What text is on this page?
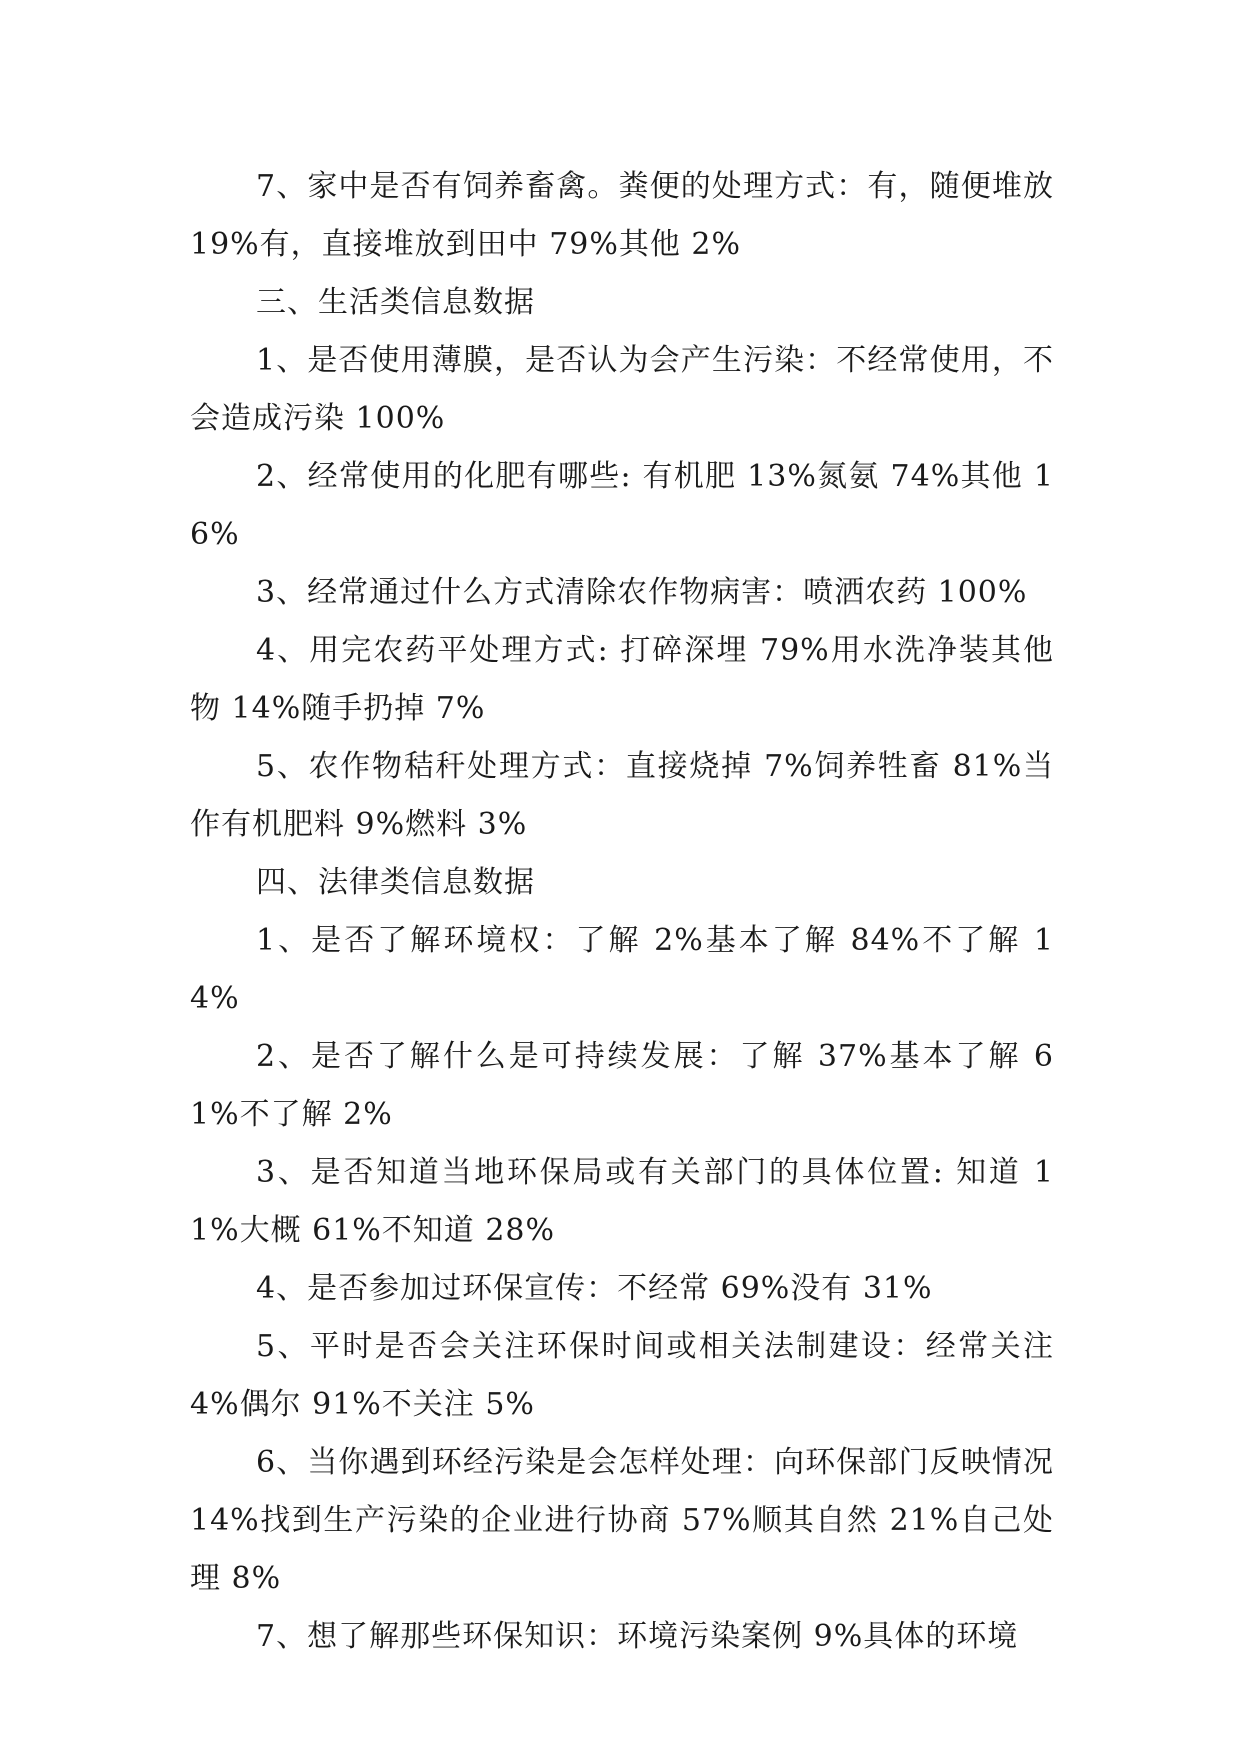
7、家中是否有饲养畜禽。粪便的处理方式：有，随便堆放 19%有，直接堆放到田中 79%其他 2%

三、生活类信息数据

1、是否使用薄膜，是否认为会产生污染：不经常使用，不会造成污染 100%

2、经常使用的化肥有哪些: 有机肥 13%氮氨 74%其他 16%

3、经常通过什么方式清除农作物病害：喷洒农药 100%

4、用完农药平处理方式: 打碎深埋 79%用水洗净装其他物 14%随手扔掉 7%

5、农作物秸秆处理方式：直接烧掉 7%饲养牲畜 81%当作有机肥料 9%燃料 3%

四、法律类信息数据

1、是否了解环境权：了解 2%基本了解 84%不了解 14%

2、是否了解什么是可持续发展：了解 37%基本了解 61%不了解 2%

3、是否知道当地环保局或有关部门的具体位置: 知道 11%大概 61%不知道 28%

4、是否参加过环保宣传：不经常 69%没有 31%

5、平时是否会关注环保时间或相关法制建设：经常关注 4%偶尔 91%不关注 5%

6、当你遇到环经污染是会怎样处理：向环保部门反映情况 14%找到生产污染的企业进行协商 57%顺其自然 21%自己处理 8%

7、想了解那些环保知识：环境污染案例 9%具体的环境
